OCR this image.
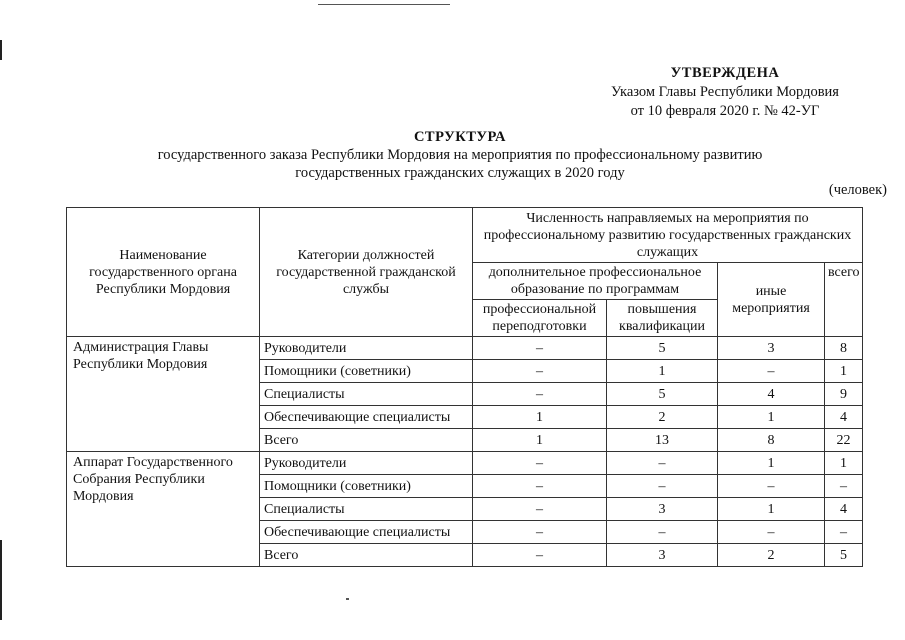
УТВЕРЖДЕНА
Указом Главы Республики Мордовия
от 10 февраля 2020 г. № 42-УГ
СТРУКТУРА
государственного заказа Республики Мордовия на мероприятия по профессиональному развитию
государственных гражданских служащих в 2020 году
(человек)
Наименование государственного органа Республики Мордовия	Категории должностей государственной гражданской службы	Численность направляемых на мероприятия по профессиональному развитию государственных гражданских служащих			
		дополнительное профессиональное образование по программам		иные мероприятия	всего
		профессиональной переподготовки	повышения квалификации		
Администрация Главы Республики Мордовия	Руководители	–	5	3	8
	Помощники (советники)	–	1	–	1
	Специалисты	–	5	4	9
	Обеспечивающие специалисты	1	2	1	4
	Всего	1	13	8	22
Аппарат Государственного Собрания Республики Мордовия	Руководители	–	–	1	1
	Помощники (советники)	–	–	–	–
	Специалисты	–	3	1	4
	Обеспечивающие специалисты	–	–	–	–
	Всего	–	3	2	5
